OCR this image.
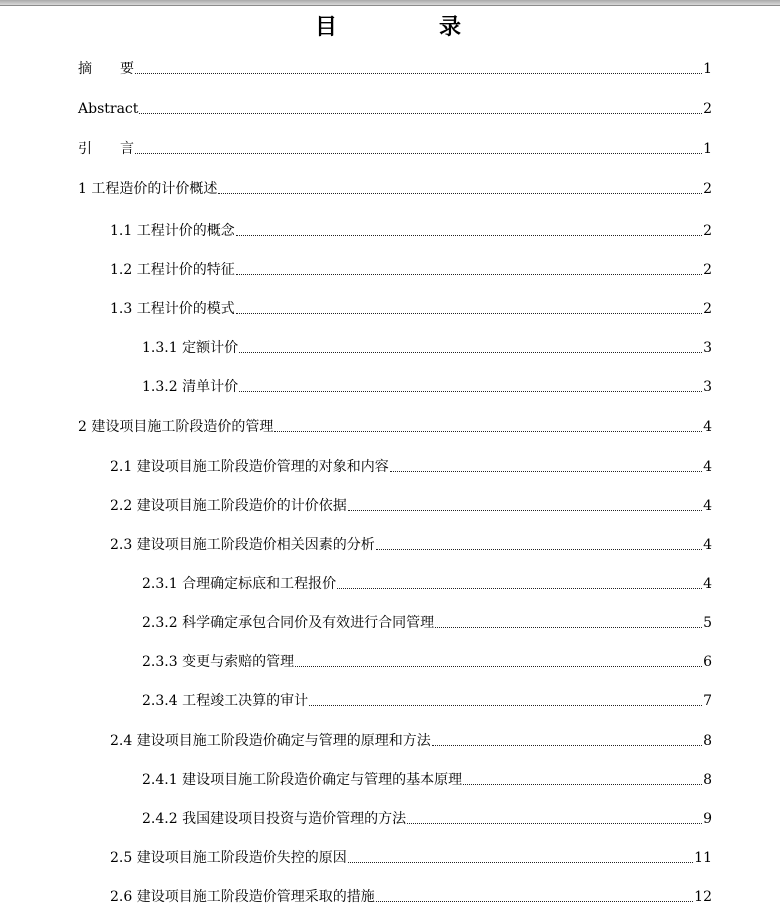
目　录
摘　　要	1
Abstract	2
引　　言	1
1 工程造价的计价概述	2
1.1 工程计价的概念	2
1.2 工程计价的特征	2
1.3 工程计价的模式	2
1.3.1 定额计价	3
1.3.2 清单计价	3
2 建设项目施工阶段造价的管理	4
2.1 建设项目施工阶段造价管理的对象和内容	4
2.2 建设项目施工阶段造价的计价依据	4
2.3 建设项目施工阶段造价相关因素的分析	4
2.3.1 合理确定标底和工程报价	4
2.3.2 科学确定承包合同价及有效进行合同管理	5
2.3.3 变更与索赔的管理	6
2.3.4 工程竣工决算的审计	7
2.4 建设项目施工阶段造价确定与管理的原理和方法	8
2.4.1 建设项目施工阶段造价确定与管理的基本原理	8
2.4.2 我国建设项目投资与造价管理的方法	9
2.5 建设项目施工阶段造价失控的原因	11
2.6 建设项目施工阶段造价管理采取的措施	12
